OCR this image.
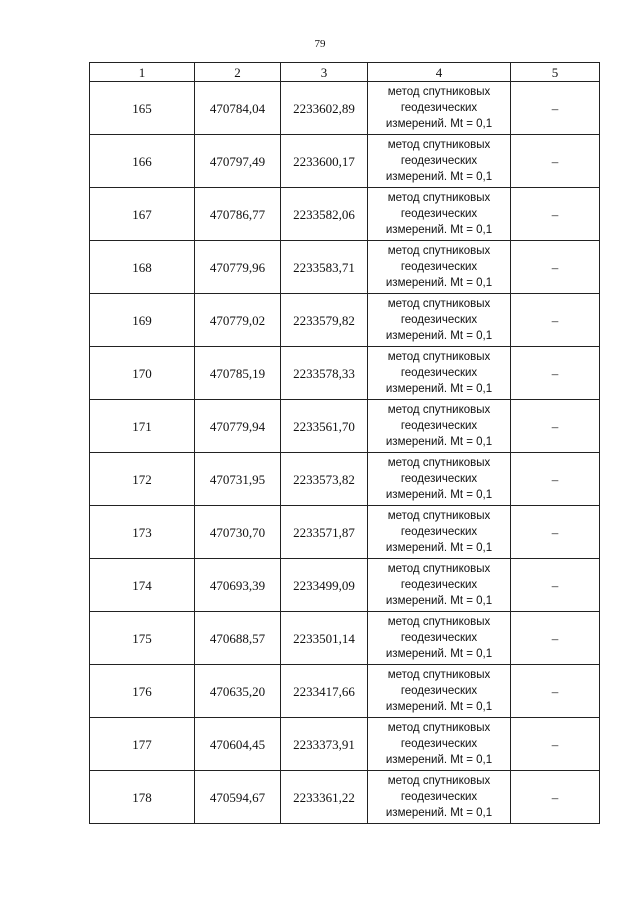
79
1	2	3	4	5
165	470784,04	2233602,89	метод спутниковых
геодезических
измерений. Mt = 0,1	–
166	470797,49	2233600,17	метод спутниковых
геодезических
измерений. Mt = 0,1	–
167	470786,77	2233582,06	метод спутниковых
геодезических
измерений. Mt = 0,1	–
168	470779,96	2233583,71	метод спутниковых
геодезических
измерений. Mt = 0,1	–
169	470779,02	2233579,82	метод спутниковых
геодезических
измерений. Mt = 0,1	–
170	470785,19	2233578,33	метод спутниковых
геодезических
измерений. Mt = 0,1	–
171	470779,94	2233561,70	метод спутниковых
геодезических
измерений. Mt = 0,1	–
172	470731,95	2233573,82	метод спутниковых
геодезических
измерений. Mt = 0,1	–
173	470730,70	2233571,87	метод спутниковых
геодезических
измерений. Mt = 0,1	–
174	470693,39	2233499,09	метод спутниковых
геодезических
измерений. Mt = 0,1	–
175	470688,57	2233501,14	метод спутниковых
геодезических
измерений. Mt = 0,1	–
176	470635,20	2233417,66	метод спутниковых
геодезических
измерений. Mt = 0,1	–
177	470604,45	2233373,91	метод спутниковых
геодезических
измерений. Mt = 0,1	–
178	470594,67	2233361,22	метод спутниковых
геодезических
измерений. Mt = 0,1	–
